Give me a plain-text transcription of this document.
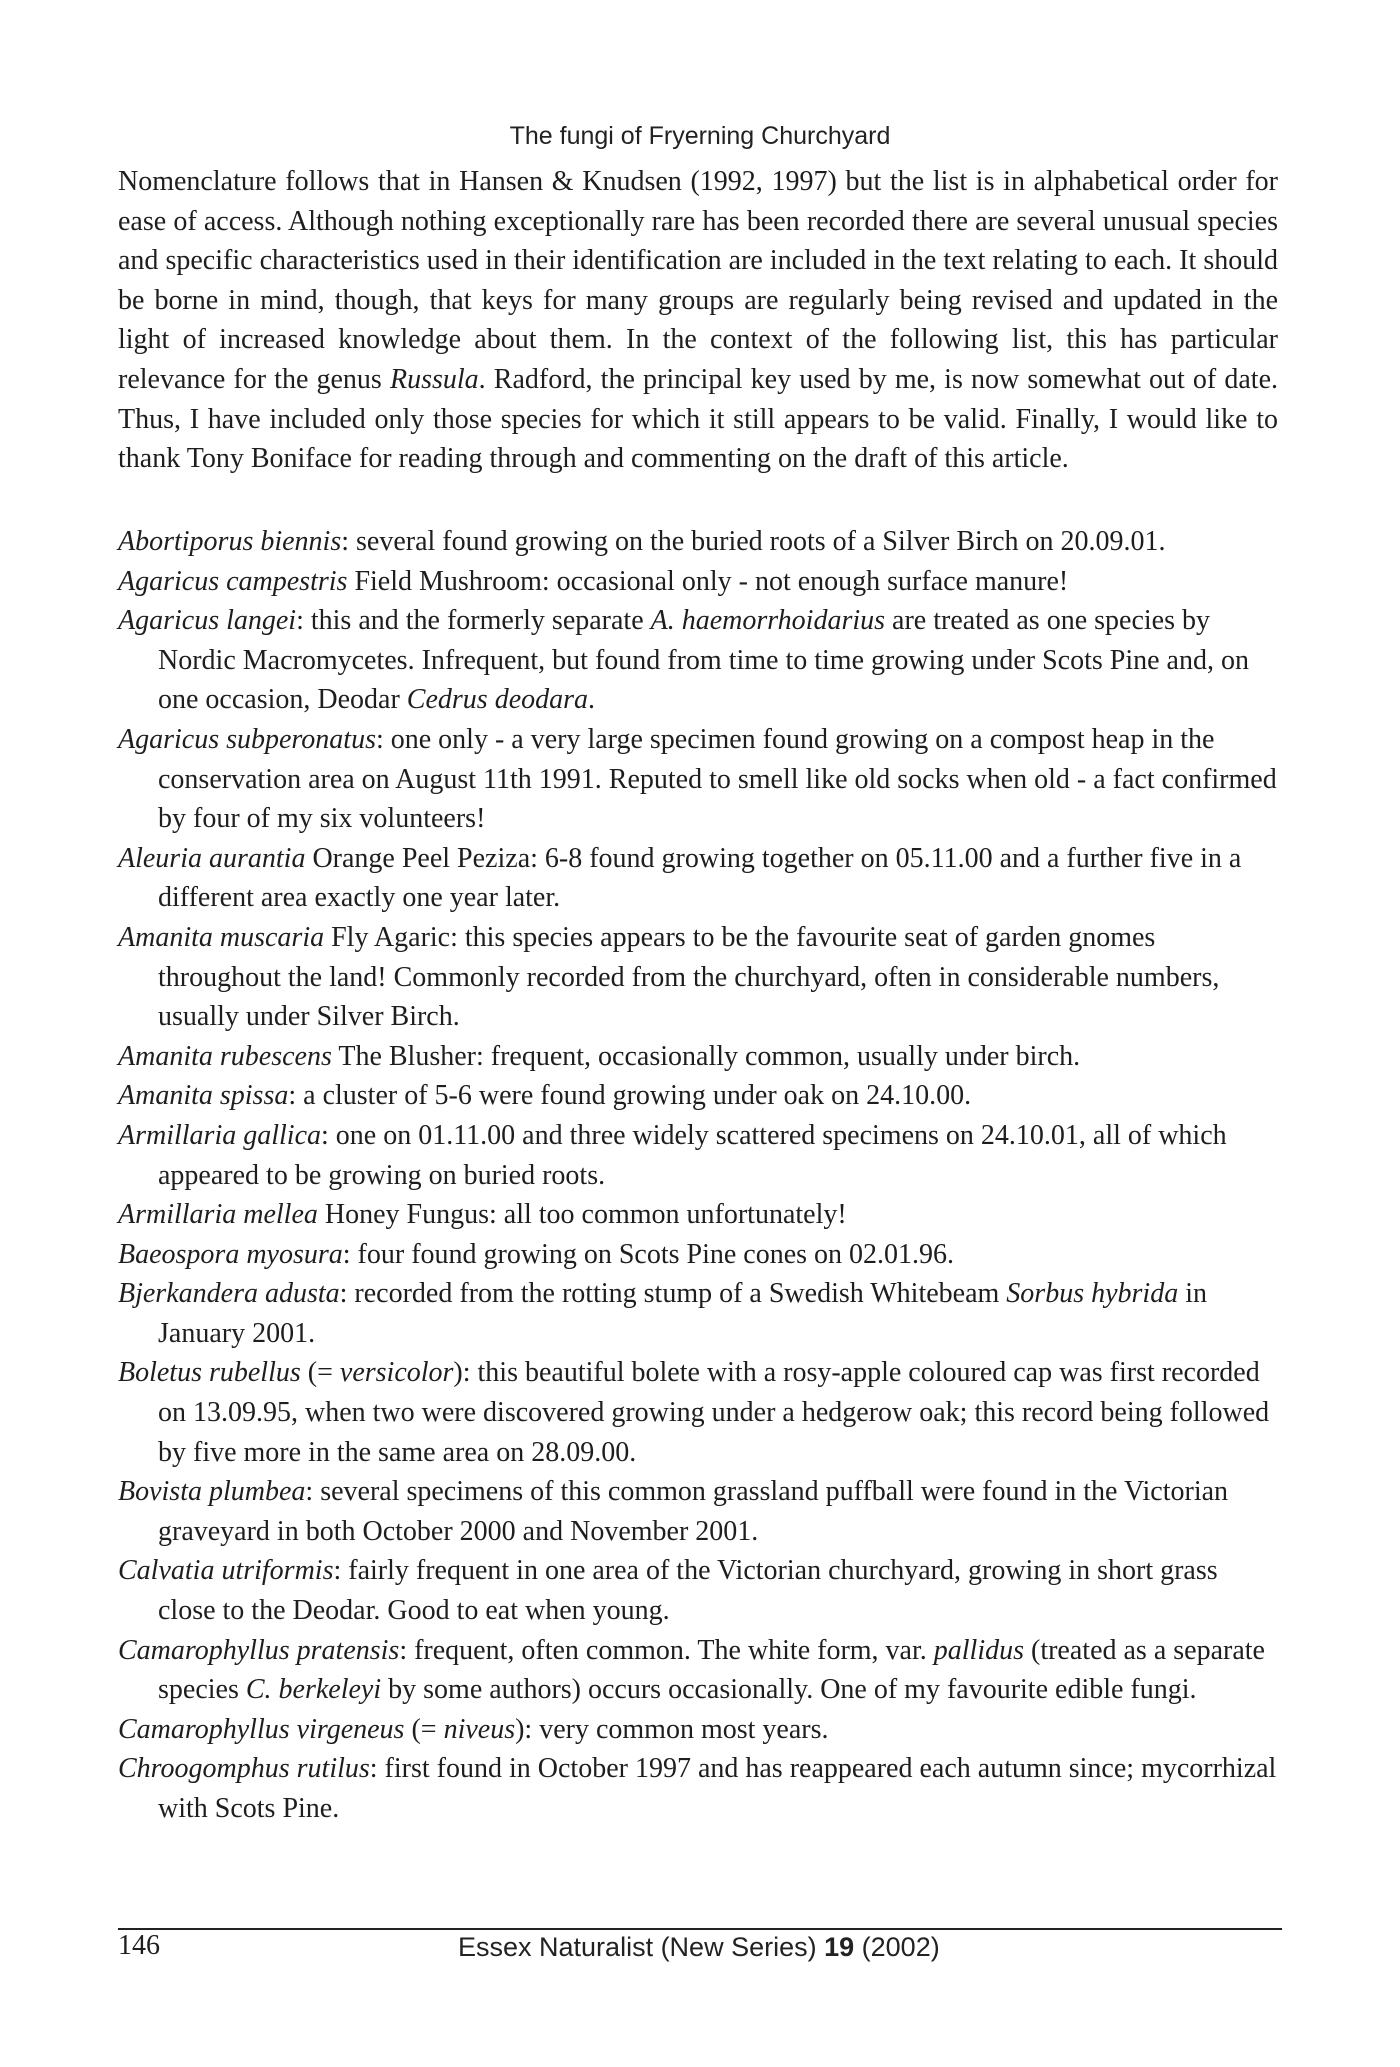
The fungi of Fryerning Churchyard

Nomenclature follows that in Hansen & Knudsen (1992, 1997) but the list is in alphabetical order for ease of access. Although nothing exceptionally rare has been recorded there are several unusual species and specific characteristics used in their identification are included in the text relating to each. It should be borne in mind, though, that keys for many groups are regularly being revised and updated in the light of increased knowledge about them. In the context of the following list, this has particular relevance for the genus Russula. Radford, the principal key used by me, is now somewhat out of date. Thus, I have included only those species for which it still appears to be valid. Finally, I would like to thank Tony Boniface for reading through and commenting on the draft of this article.

Abortiporus biennis: several found growing on the buried roots of a Silver Birch on 20.09.01.

Agaricus campestris Field Mushroom: occasional only - not enough surface manure!

Agaricus langei: this and the formerly separate A. haemorrhoidarius are treated as one species by Nordic Macromycetes. Infrequent, but found from time to time growing under Scots Pine and, on one occasion, Deodar Cedrus deodara.

Agaricus subperonatus: one only - a very large specimen found growing on a compost heap in the conservation area on August 11th 1991. Reputed to smell like old socks when old - a fact confirmed by four of my six volunteers!

Aleuria aurantia Orange Peel Peziza: 6-8 found growing together on 05.11.00 and a further five in a different area exactly one year later.

Amanita muscaria Fly Agaric: this species appears to be the favourite seat of garden gnomes throughout the land! Commonly recorded from the churchyard, often in considerable numbers, usually under Silver Birch.

Amanita rubescens The Blusher: frequent, occasionally common, usually under birch.

Amanita spissa: a cluster of 5-6 were found growing under oak on 24.10.00.

Armillaria gallica: one on 01.11.00 and three widely scattered specimens on 24.10.01, all of which appeared to be growing on buried roots.

Armillaria mellea Honey Fungus: all too common unfortunately!

Baeospora myosura: four found growing on Scots Pine cones on 02.01.96.

Bjerkandera adusta: recorded from the rotting stump of a Swedish Whitebeam Sorbus hybrida in January 2001.

Boletus rubellus (= versicolor): this beautiful bolete with a rosy-apple coloured cap was first recorded on 13.09.95, when two were discovered growing under a hedgerow oak; this record being followed by five more in the same area on 28.09.00.

Bovista plumbea: several specimens of this common grassland puffball were found in the Victorian graveyard in both October 2000 and November 2001.

Calvatia utriformis: fairly frequent in one area of the Victorian churchyard, growing in short grass close to the Deodar. Good to eat when young.

Camarophyllus pratensis: frequent, often common. The white form, var. pallidus (treated as a separate species C. berkeleyi by some authors) occurs occasionally. One of my favourite edible fungi.

Camarophyllus virgeneus (= niveus): very common most years.

Chroogomphus rutilus: first found in October 1997 and has reappeared each autumn since; mycorrhizal with Scots Pine.

146	Essex Naturalist (New Series) 19 (2002)
